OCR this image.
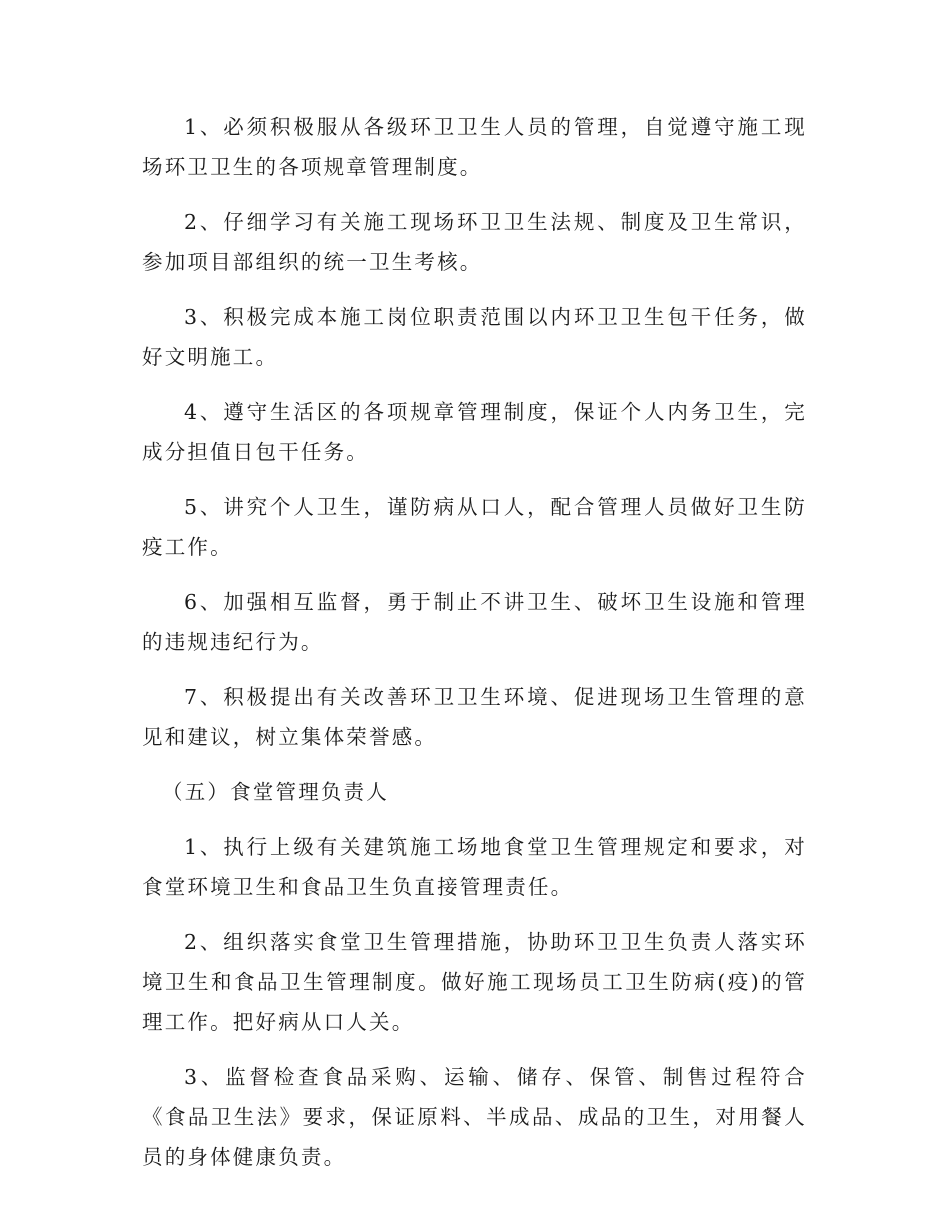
1、必须积极服从各级环卫卫生人员的管理，自觉遵守施工现场环卫卫生的各项规章管理制度。

2、仔细学习有关施工现场环卫卫生法规、制度及卫生常识，参加项目部组织的统一卫生考核。

3、积极完成本施工岗位职责范围以内环卫卫生包干任务，做好文明施工。

4、遵守生活区的各项规章管理制度，保证个人内务卫生，完成分担值日包干任务。

5、讲究个人卫生，谨防病从口人，配合管理人员做好卫生防疫工作。

6、加强相互监督，勇于制止不讲卫生、破坏卫生设施和管理的违规违纪行为。

7、积极提出有关改善环卫卫生环境、促进现场卫生管理的意见和建议，树立集体荣誉感。

（五）食堂管理负责人

1、执行上级有关建筑施工场地食堂卫生管理规定和要求，对食堂环境卫生和食品卫生负直接管理责任。

2、组织落实食堂卫生管理措施，协助环卫卫生负责人落实环境卫生和食品卫生管理制度。做好施工现场员工卫生防病(疫)的管理工作。把好病从口人关。

3、监督检查食品采购、运输、储存、保管、制售过程符合《食品卫生法》要求，保证原料、半成品、成品的卫生，对用餐人员的身体健康负责。
